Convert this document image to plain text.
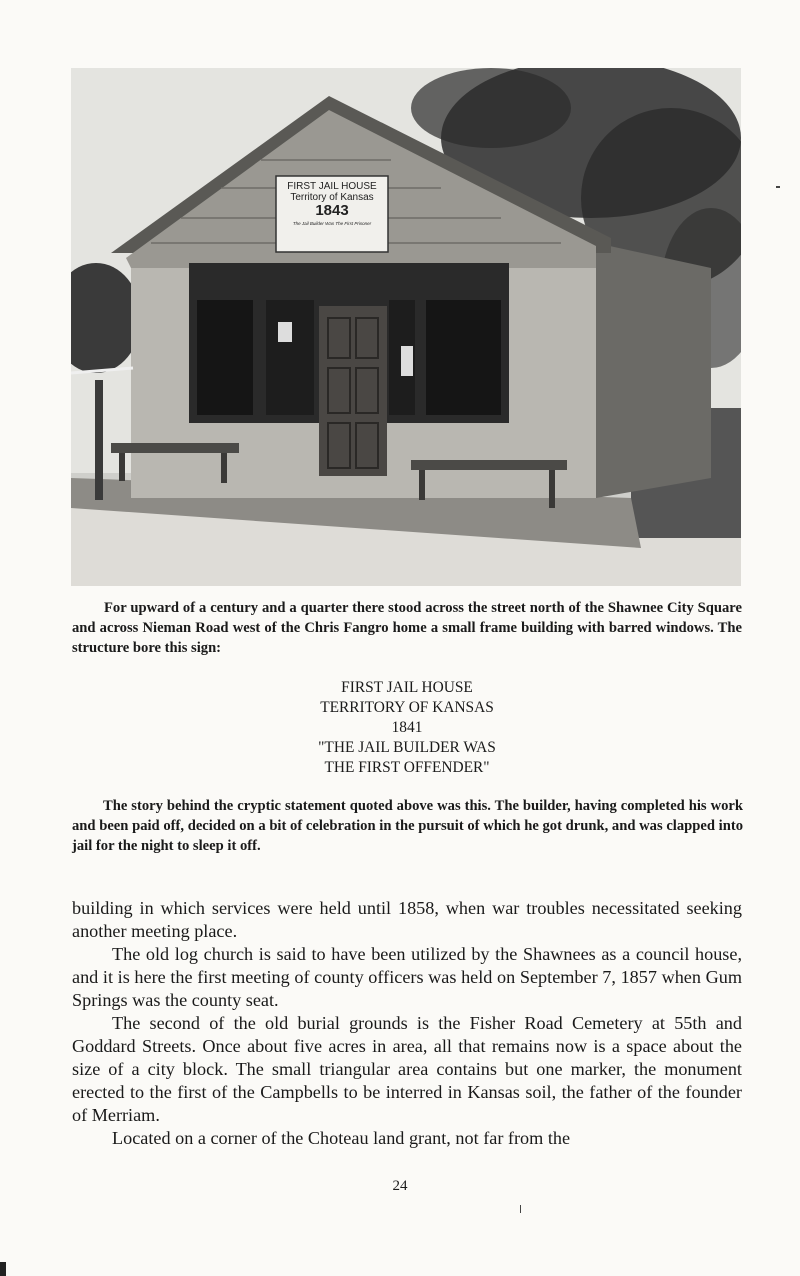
FIRST JAIL HOUSE
Territory of Kansas
1843
The Jail Builder Was The First Prisoner

For upward of a century and a quarter there stood across the street north of the Shawnee City Square and across Nieman Road west of the Chris Fangro home a small frame building with barred windows. The structure bore this sign:

FIRST JAIL HOUSE
TERRITORY OF KANSAS
1841
"THE JAIL BUILDER WAS
THE FIRST OFFENDER"

The story behind the cryptic statement quoted above was this. The builder, having completed his work and been paid off, decided on a bit of celebration in the pursuit of which he got drunk, and was clapped into jail for the night to sleep it off.

building in which services were held until 1858, when war troubles necessitated seeking another meeting place.

The old log church is said to have been utilized by the Shawnees as a council house, and it is here the first meeting of county officers was held on September 7, 1857 when Gum Springs was the county seat.

The second of the old burial grounds is the Fisher Road Cemetery at 55th and Goddard Streets. Once about five acres in area, all that remains now is a space about the size of a city block. The small triangular area contains but one marker, the monument erected to the first of the Campbells to be interred in Kansas soil, the father of the founder of Merriam.

Located on a corner of the Choteau land grant, not far from the

24
